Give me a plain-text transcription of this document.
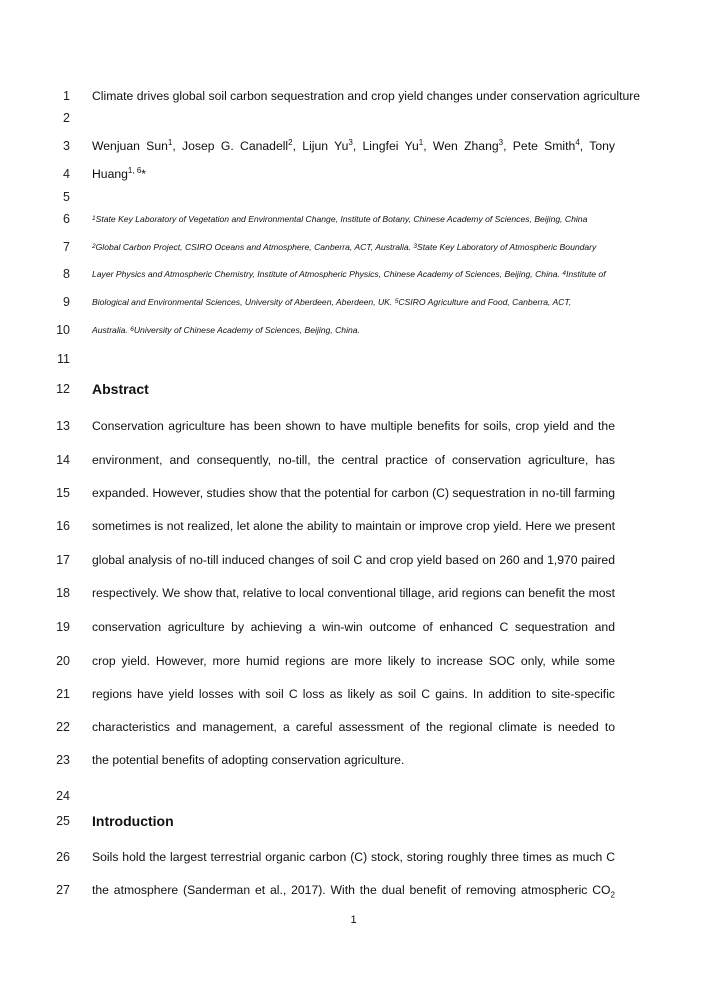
1 Climate drives global soil carbon sequestration and crop yield changes under conservation agriculture
2
3 Wenjuan Sun$^1$, Josep G. Canadell$^2$, Lijun Yu$^3$, Lingfei Yu$^1$, Wen Zhang$^3$, Pete Smith$^4$, Tony
4 Huang$^{1, 6}$*
5
6	$^1$State Key Laboratory of Vegetation and Environmental Change, Institute of Botany, Chinese Academy of Sciences, Beijing, China
7	$^2$Global Carbon Project, CSIRO Oceans and Atmosphere, Canberra, ACT, Australia. $^3$State Key Laboratory of Atmospheric Boundary
8	Layer Physics and Atmospheric Chemistry, Institute of Atmospheric Physics, Chinese Academy of Sciences, Beijing, China. $^4$Institute of
9	Biological and Environmental Sciences, University of Aberdeen, Aberdeen, UK. $^5$CSIRO Agriculture and Food, Canberra, ACT,
10	Australia. $^6$University of Chinese Academy of Sciences, Beijing, China.
11
12 Abstract
13 Conservation agriculture has been shown to have multiple benefits for soils, crop yield and the
14 environment, and consequently, no-till, the central practice of conservation agriculture, has
15 expanded. However, studies show that the potential for carbon (C) sequestration in no-till farming
16 sometimes is not realized, let alone the ability to maintain or improve crop yield. Here we present
17 global analysis of no-till induced changes of soil C and crop yield based on 260 and 1,970 paired
18 respectively. We show that, relative to local conventional tillage, arid regions can benefit the most
19 conservation agriculture by achieving a win-win outcome of enhanced C sequestration and
20 crop yield. However, more humid regions are more likely to increase SOC only, while some
21 regions have yield losses with soil C loss as likely as soil C gains. In addition to site-specific
22 characteristics and management, a careful assessment of the regional climate is needed to
23 the potential benefits of adopting conservation agriculture.
24
25 Introduction
26 Soils hold the largest terrestrial organic carbon (C) stock, storing roughly three times as much C
27 the atmosphere (Sanderman et al., 2017). With the dual benefit of removing atmospheric $CO_2$
1
